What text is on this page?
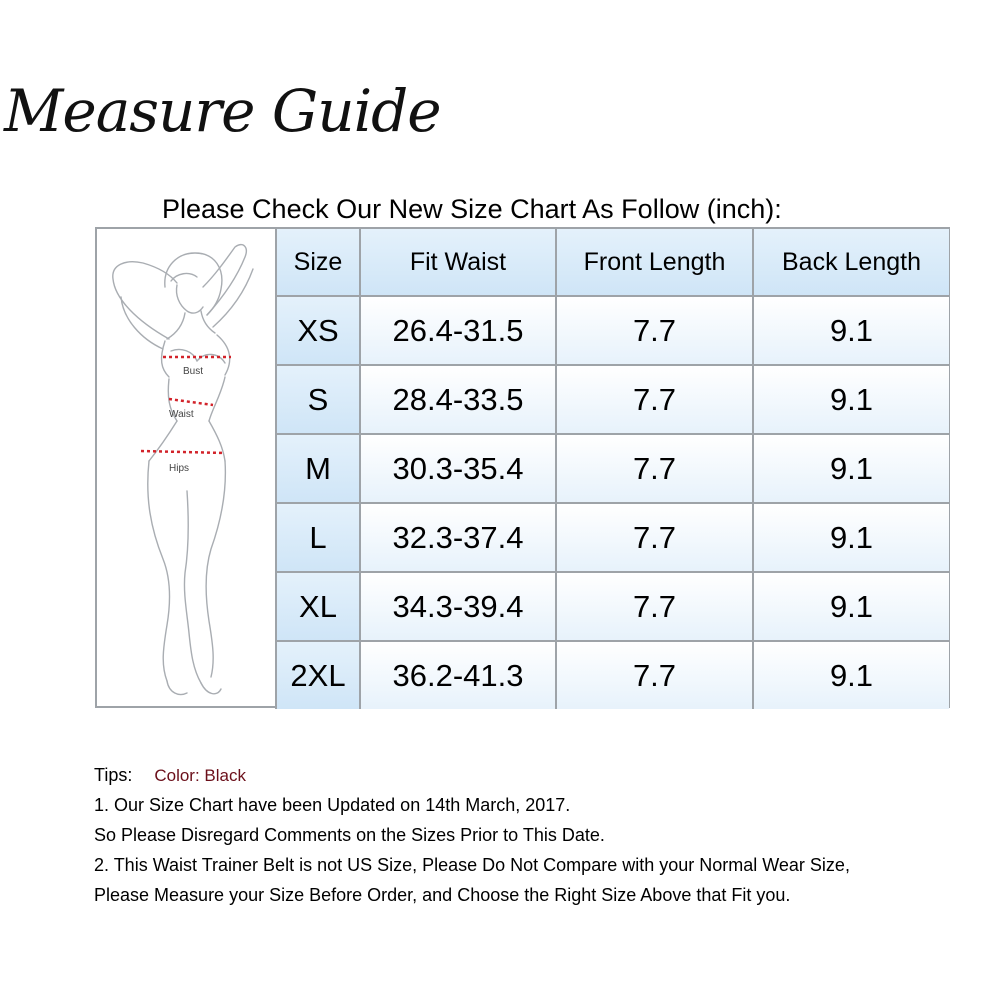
Measure Guide
Please Check Our New Size Chart As Follow (inch):
Bust
Waist
Hips
Size	Fit Waist	Front Length	Back Length
XS	26.4-31.5	7.7	9.1
S	28.4-33.5	7.7	9.1
M	30.3-35.4	7.7	9.1
L	32.3-37.4	7.7	9.1
XL	34.3-39.4	7.7	9.1
2XL	36.2-41.3	7.7	9.1
Tips: Color: Black
1. Our Size Chart have been Updated on 14th March, 2017.
So Please Disregard Comments on the Sizes Prior to This Date.
2. This Waist Trainer Belt is not US Size, Please Do Not Compare with your Normal Wear Size,
Please Measure your Size Before Order, and Choose the Right Size Above that Fit you.
